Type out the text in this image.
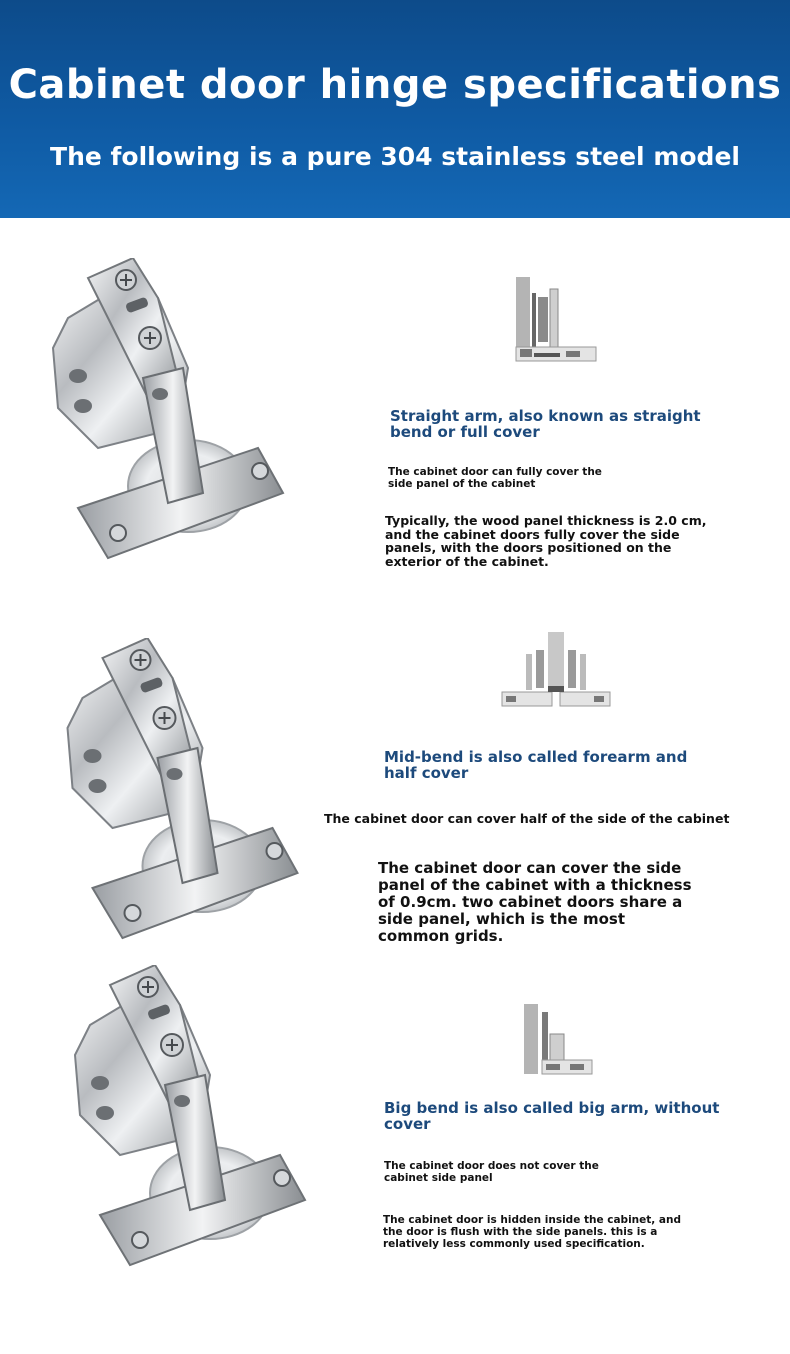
Cabinet door hinge specifications
The following is a pure 304 stainless steel model

Straight arm, also known as straight bend or full cover

The cabinet door can fully cover the side panel of the cabinet

Typically, the wood panel thickness is 2.0 cm, and the cabinet doors fully cover the side panels, with the doors positioned on the exterior of the cabinet.

Mid-bend is also called forearm and half cover

The cabinet door can cover half of the side of the cabinet

The cabinet door can cover the side panel of the cabinet with a thickness of 0.9cm. two cabinet doors share a side panel, which is the most common grids.

Big bend is also called big arm, without cover

The cabinet door does not cover the cabinet side panel

The cabinet door is hidden inside the cabinet, and the door is flush with the side panels. this is a relatively less commonly used specification.
